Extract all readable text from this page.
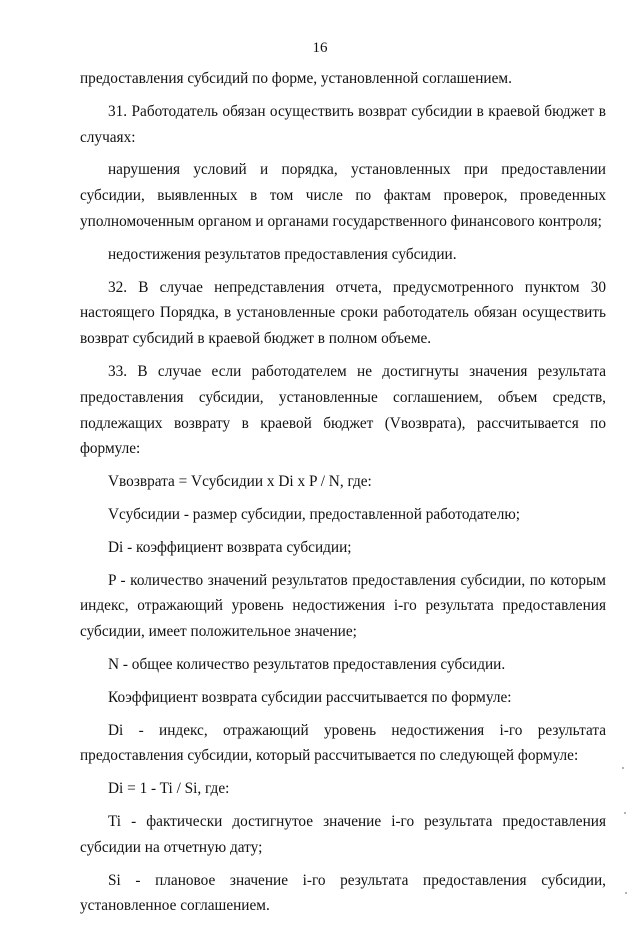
16

предоставления субсидий по форме, установленной соглашением.

31. Работодатель обязан осуществить возврат субсидии в краевой бюджет в случаях:

нарушения условий и порядка, установленных при предоставлении субсидии, выявленных в том числе по фактам проверок, проведенных уполномоченным органом и органами государственного финансового контроля;

недостижения результатов предоставления субсидии.

32. В случае непредставления отчета, предусмотренного пунктом 30 настоящего Порядка, в установленные сроки работодатель обязан осуществить возврат субсидий в краевой бюджет в полном объеме.

33. В случае если работодателем не достигнуты значения результата предоставления субсидии, установленные соглашением, объем средств, подлежащих возврату в краевой бюджет (Vвозврата), рассчитывается по формуле:

Vвозврата = Vсубсидии x Di x P / N, где:

Vсубсидии - размер субсидии, предоставленной работодателю;

Di - коэффициент возврата субсидии;

P - количество значений результатов предоставления субсидии, по которым индекс, отражающий уровень недостижения i-го результата предоставления субсидии, имеет положительное значение;

N - общее количество результатов предоставления субсидии.

Коэффициент возврата субсидии рассчитывается по формуле:

Di - индекс, отражающий уровень недостижения i-го результата предоставления субсидии, который рассчитывается по следующей формуле:

Di = 1 - Ti / Si, где:

Ti - фактически достигнутое значение i-го результата предоставления субсидии на отчетную дату;

Si - плановое значение i-го результата предоставления субсидии, установленное соглашением.
